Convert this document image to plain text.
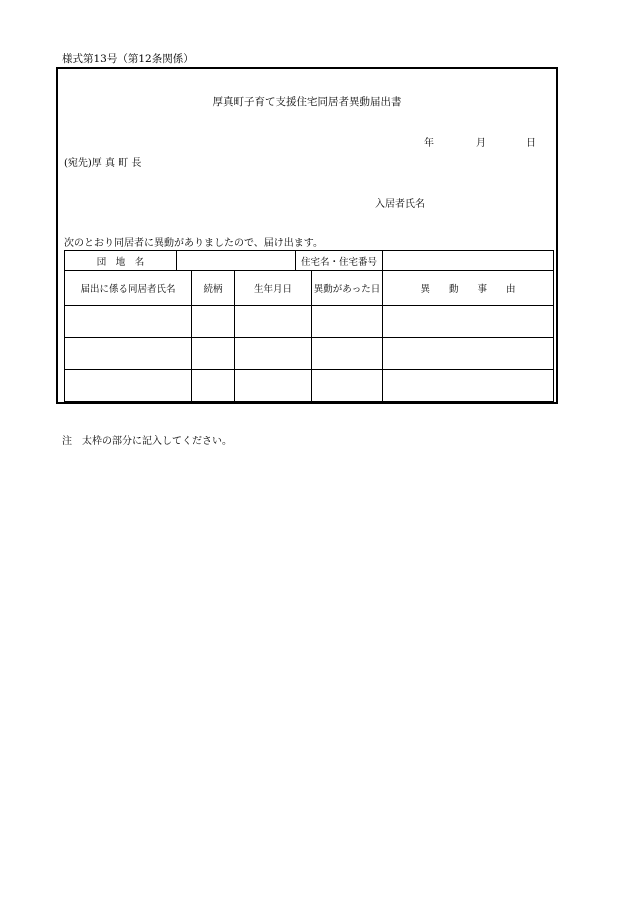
様式第13号（第12条関係）
厚真町子育て支援住宅同居者異動届出書
年	月	日
(宛先)厚 真 町 長
入居者氏名
次のとおり同居者に異動がありましたので、届け出ます。
団　地　名				住宅名・住宅番号		
届出に係る同居者氏名		続柄	生年月日		異動があった日	異　　動　　事　　由

注　太枠の部分に記入してください。
